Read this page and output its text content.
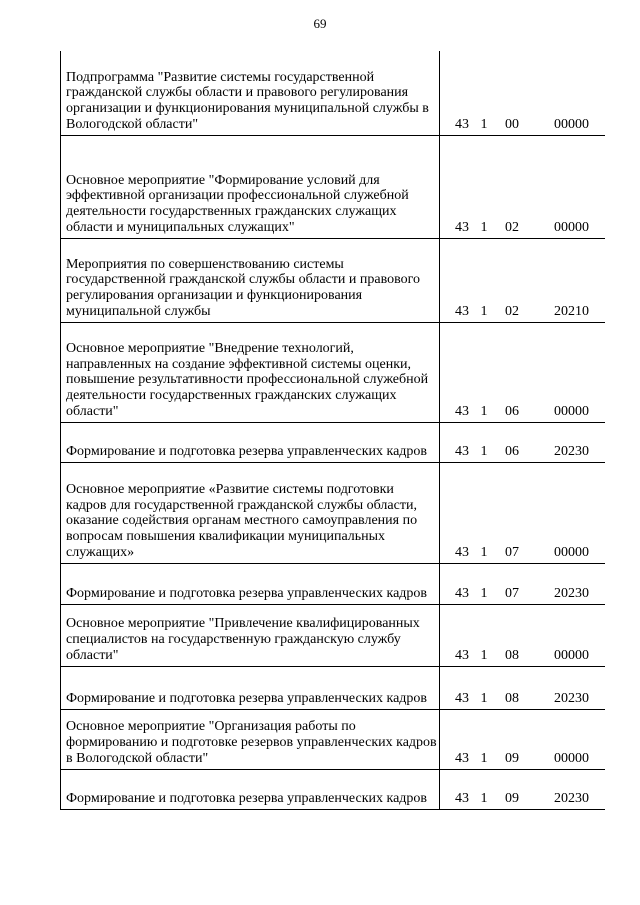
69
Подпрограмма "Развитие системы государственной гражданской службы области и правового регулирования организации и функционирования муниципальной службы в Вологодской области"	43	1	00	00000
Основное мероприятие "Формирование условий для эффективной организации профессиональной служебной деятельности государственных гражданских служащих области и муниципальных служащих"	43	1	02	00000
Мероприятия по совершенствованию системы государственной гражданской службы области и правового регулирования организации и функционирования муниципальной службы	43	1	02	20210
Основное мероприятие "Внедрение технологий, направленных на создание эффективной системы оценки, повышение результативности профессиональной служебной деятельности государственных гражданских служащих области"	43	1	06	00000
Формирование и подготовка резерва управленческих кадров	43	1	06	20230
Основное мероприятие «Развитие системы подготовки кадров для государственной гражданской службы области, оказание содействия органам местного самоуправления по вопросам повышения квалификации муниципальных служащих»	43	1	07	00000
Формирование и подготовка резерва управленческих кадров	43	1	07	20230
Основное мероприятие "Привлечение квалифицированных специалистов на государственную гражданскую службу области"	43	1	08	00000
Формирование и подготовка резерва управленческих кадров	43	1	08	20230
Основное мероприятие "Организация работы по формированию и подготовке резервов управленческих кадров в Вологодской области"	43	1	09	00000
Формирование и подготовка резерва управленческих кадров	43	1	09	20230
